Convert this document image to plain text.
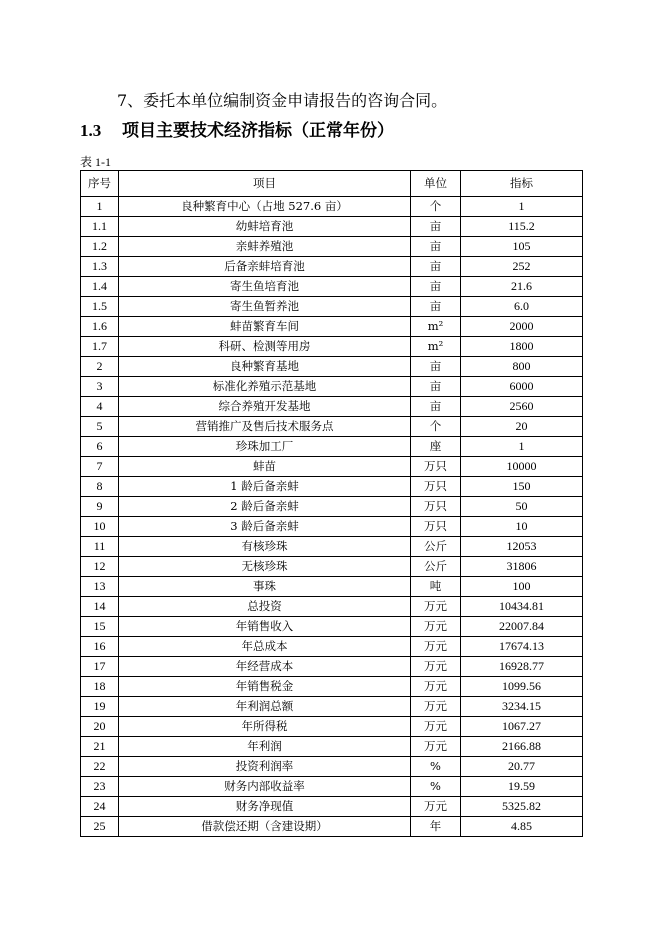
7、委托本单位编制资金申请报告的咨询合同。
1.3 项目主要技术经济指标（正常年份）
表 1-1
序号	项目	单位	指标
1	良种繁育中心（占地 527.6 亩）	个	1
1.1	幼蚌培育池	亩	115.2
1.2	亲蚌养殖池	亩	105
1.3	后备亲蚌培育池	亩	252
1.4	寄生鱼培育池	亩	21.6
1.5	寄生鱼暂养池	亩	6.0
1.6	蚌苗繁育车间	m²	2000
1.7	科研、检测等用房	m²	1800
2	良种繁育基地	亩	800
3	标准化养殖示范基地	亩	6000
4	综合养殖开发基地	亩	2560
5	营销推广及售后技术服务点	个	20
6	珍珠加工厂	座	1
7	蚌苗	万只	10000
8	1 龄后备亲蚌	万只	150
9	2 龄后备亲蚌	万只	50
10	3 龄后备亲蚌	万只	10
11	有核珍珠	公斤	12053
12	无核珍珠	公斤	31806
13	事珠	吨	100
14	总投资	万元	10434.81
15	年销售收入	万元	22007.84
16	年总成本	万元	17674.13
17	年经营成本	万元	16928.77
18	年销售税金	万元	1099.56
19	年利润总额	万元	3234.15
20	年所得税	万元	1067.27
21	年利润	万元	2166.88
22	投资利润率	%	20.77
23	财务内部收益率	%	19.59
24	财务净现值	万元	5325.82
25	借款偿还期（含建设期）	年	4.85
